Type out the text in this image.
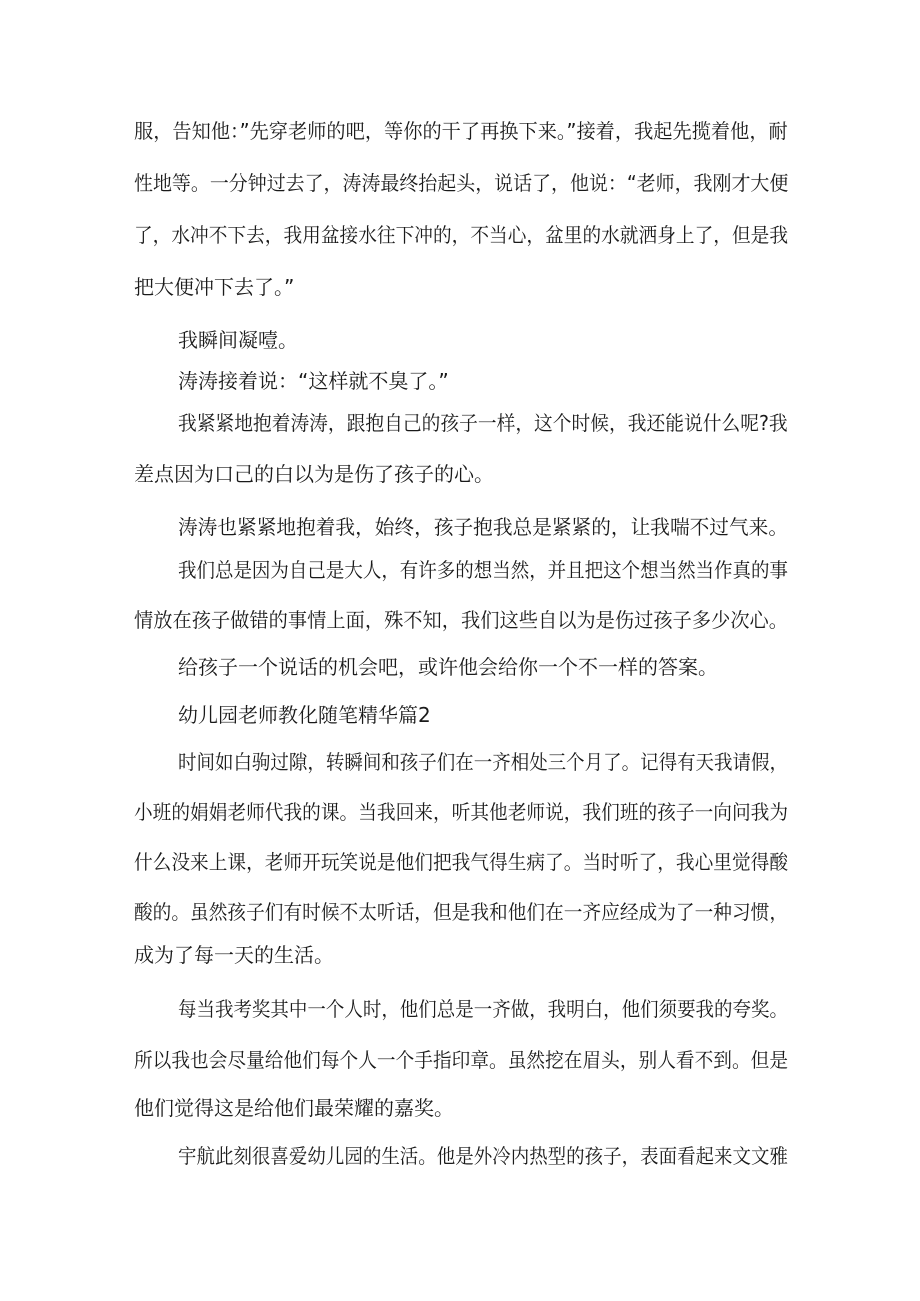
服，告知他：”先穿老师的吧，等你的干了再换下来。”接着，我起先揽着他，耐
性地等。一分钟过去了，涛涛最终抬起头，说话了，他说：“老师，我刚才大便
了，水冲不下去，我用盆接水往下冲的，不当心，盆里的水就洒身上了，但是我
把大便冲下去了。”
我瞬间凝噎。
涛涛接着说：“这样就不臭了。”
我紧紧地抱着涛涛，跟抱自己的孩子一样，这个时候，我还能说什么呢?我
差点因为口己的白以为是伤了孩子的心。
涛涛也紧紧地抱着我，始终，孩子抱我总是紧紧的，让我喘不过气来。
我们总是因为自己是大人，有许多的想当然，并且把这个想当然当作真的事
情放在孩子做错的事情上面，殊不知，我们这些自以为是伤过孩子多少次心。
给孩子一个说话的机会吧，或许他会给你一个不一样的答案。
幼儿园老师教化随笔精华篇2
时间如白驹过隙，转瞬间和孩子们在一齐相处三个月了。记得有天我请假，
小班的娟娟老师代我的课。当我回来，听其他老师说，我们班的孩子一向问我为
什么没来上课，老师开玩笑说是他们把我气得生病了。当时听了，我心里觉得酸
酸的。虽然孩子们有时候不太听话，但是我和他们在一齐应经成为了一种习惯，
成为了每一天的生活。
每当我考奖其中一个人时，他们总是一齐做，我明白，他们须要我的夸奖。
所以我也会尽量给他们每个人一个手指印章。虽然挖在眉头，别人看不到。但是
他们觉得这是给他们最荣耀的嘉奖。
宇航此刻很喜爱幼儿园的生活。他是外冷内热型的孩子，表面看起来文文雅
